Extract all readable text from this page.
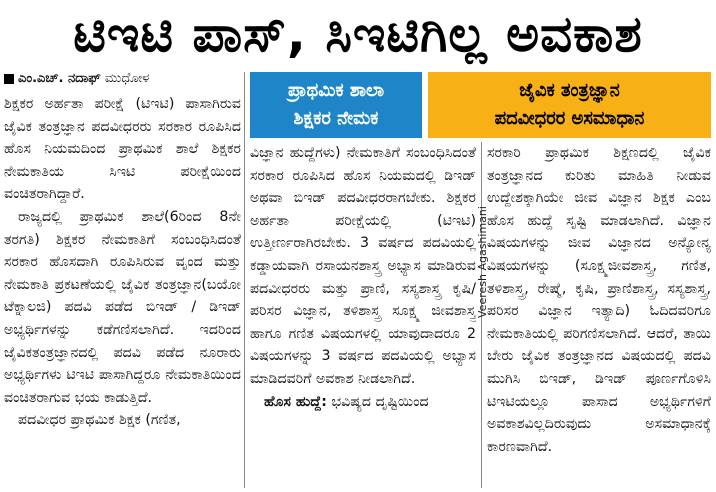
ಟಿಇಟಿ ಪಾಸ್, ಸಿಇಟಿಗಿಲ್ಲ ಅವಕಾಶ
ಎಂ.ಎಚ್. ನದಾಫ್ ಮುಧೋಳ

ಶಿಕ್ಷಕರ ಅರ್ಹತಾ ಪರೀಕ್ಷೆ (ಟಿಇಟಿ) ಪಾಸಾಗಿರುವ ಜೈವಿಕ ತಂತ್ರಜ್ಞಾನ ಪದವೀಧರರು ಸರಕಾರ ರೂಪಿಸಿದ ಹೊಸ ನಿಯಮದಿಂದ ಪ್ರಾಥಮಿಕ ಶಾಲೆ ಶಿಕ್ಷಕರ ನೇಮಕಾತಿಯ ಸಿಇಟಿ ಪರೀಕ್ಷೆಯಿಂದ ವಂಚಿತರಾಗಿದ್ದಾರೆ.

ರಾಜ್ಯದಲ್ಲಿ ಪ್ರಾಥಮಿಕ ಶಾಲೆ(6ರಿಂದ 8ನೇ ತರಗತಿ) ಶಿಕ್ಷಕರ ನೇಮಕಾತಿಗೆ ಸಂಬಂಧಿಸಿದಂತೆ ಸರಕಾರ ಹೊಸದಾಗಿ ರೂಪಿಸಿರುವ ವೃಂದ ಮತ್ತು ನೇಮಕಾತಿ ಪ್ರಕಟಣೆಯಲ್ಲಿ ಜೈವಿಕ ತಂತ್ರಜ್ಞಾನ(ಬಯೋ ಟೆಕ್ನಾಲಜಿ) ಪದವಿ ಪಡೆದ ಬಿಇಡ್ / ಡಿಇಡ್ ಅಭ್ಯರ್ಥಿಗಳನ್ನು ಕಡೆಗಣಿಸಲಾಗಿದೆ. ಇದರಿಂದ ಜೈವಿಕತಂತ್ರಜ್ಞಾನದಲ್ಲಿ ಪದವಿ ಪಡೆದ ನೂರಾರು ಅಭ್ಯರ್ಥಿಗಳು ಟಿಇಟಿ ಪಾಸಾಗಿದ್ದರೂ ನೇಮಕಾತಿಯಿಂದ ವಂಚಿತರಾಗುವ ಭಯ ಕಾಡುತ್ತಿದೆ.

ಪದವೀಧರ ಪ್ರಾಥಮಿಕ ಶಿಕ್ಷಕ (ಗಣಿತ,

ಪ್ರಾಥಮಿಕ ಶಾಲಾ
ಶಿಕ್ಷಕರ ನೇಮಕ
ಜೈವಿಕ ತಂತ್ರಜ್ಞಾನ
ಪದವೀಧರರ ಅಸಮಾಧಾನ

ವಿಜ್ಞಾನ ಹುದ್ದೆಗಳು) ನೇಮಕಾತಿಗೆ ಸಂಬಂಧಿಸಿದಂತೆ ಸರಕಾರ ರೂಪಿಸಿದ ಹೊಸ ನಿಯಮದಲ್ಲಿ ಡಿಇಡ್ ಅಥವಾ ಬಿಇಡ್ ಪದವೀಧರರಾಗಬೇಕು. ಶಿಕ್ಷಕರ ಅರ್ಹತಾ ಪರೀಕ್ಷೆಯಲ್ಲಿ (ಟಿಇಟಿ) ಉತ್ತೀರ್ಣರಾಗಿರಬೇಕು. 3 ವರ್ಷದ ಪದವಿಯಲ್ಲಿ ಕಡ್ಡಾಯವಾಗಿ ರಸಾಯನಶಾಸ್ತ್ರ ಅಭ್ಯಾಸ ಮಾಡಿರುವ ಪದವೀಧರರು ಮತ್ತು ಪ್ರಾಣಿ, ಸಸ್ಯಶಾಸ್ತ್ರ ಕೃಷಿ/ಪರಿಸರ ವಿಜ್ಞಾನ, ತಳಿಶಾಸ್ತ್ರ ಸೂಕ್ಷ್ಮ ಜೀವಶಾಸ್ತ್ರ ಹಾಗೂ ಗಣಿತ ವಿಷಯಗಳಲ್ಲಿ ಯಾವುದಾದರೂ 2 ವಿಷಯಗಳನ್ನು 3 ವರ್ಷದ ಪದವಿಯಲ್ಲಿ ಅಭ್ಯಾಸ ಮಾಡಿದವರಿಗೆ ಅವಕಾಶ ನೀಡಲಾಗಿದೆ.

ಹೊಸ ಹುದ್ದೆ: ಭವಿಷ್ಯದ ದೃಷ್ಟಿಯಿಂದ

Veeresh Agashimani

ಸರಕಾರಿ ಪ್ರಾಥಮಿಕ ಶಿಕ್ಷಣದಲ್ಲಿ ಜೈವಿಕ ತಂತ್ರಜ್ಞಾನದ ಕುರಿತು ಮಾಹಿತಿ ನೀಡುವ ಉದ್ದೇಶಕ್ಕಾಗಿಯೇ ಜೀವ ವಿಜ್ಞಾನ ಶಿಕ್ಷಕ ಎಂಬ ಹೊಸ ಹುದ್ದೆ ಸೃಷ್ಟಿ ಮಾಡಲಾಗಿದೆ. ವಿಜ್ಞಾನ ವಿಷಯಗಳನ್ನು ಜೀವ ವಿಜ್ಞಾನದ ಅನ್ಯೋನ್ಯ ವಿಷಯಗಳನ್ನು (ಸೂಕ್ಷ್ಮಜೀವಶಾಸ್ತ್ರ, ಗಣಿತ, ತಳಿಶಾಸ್ತ್ರ, ರೇಷ್ಮೆ, ಕೃಷಿ, ಪ್ರಾಣಿಶಾಸ್ತ್ರ, ಸಸ್ಯಶಾಸ್ತ್ರ, ಪರಿಸರ ವಿಜ್ಞಾನ ಇತ್ಯಾದಿ) ಓದಿದವರಿಗೂ ನೇಮಕಾತಿಯಲ್ಲಿ ಪರಿಗಣಿಸಲಾಗಿದೆ. ಆದರೆ, ತಾಯಿ ಬೇರು ಜೈವಿಕ ತಂತ್ರಜ್ಞಾನದ ವಿಷಯದಲ್ಲಿ ಪದವಿ ಮುಗಿಸಿ ಬಿಇಡ್, ಡಿಇಡ್ ಪೂರ್ಣಗೊಳಿಸಿ ಟಿಇಟಿಯಲ್ಲೂ ಪಾಸಾದ ಅಭ್ಯರ್ಥಿಗಳಿಗೆ ಅವಕಾಶವಿಲ್ಲದಿರುವುದು ಅಸಮಾಧಾನಕ್ಕೆ ಕಾರಣವಾಗಿದೆ.
